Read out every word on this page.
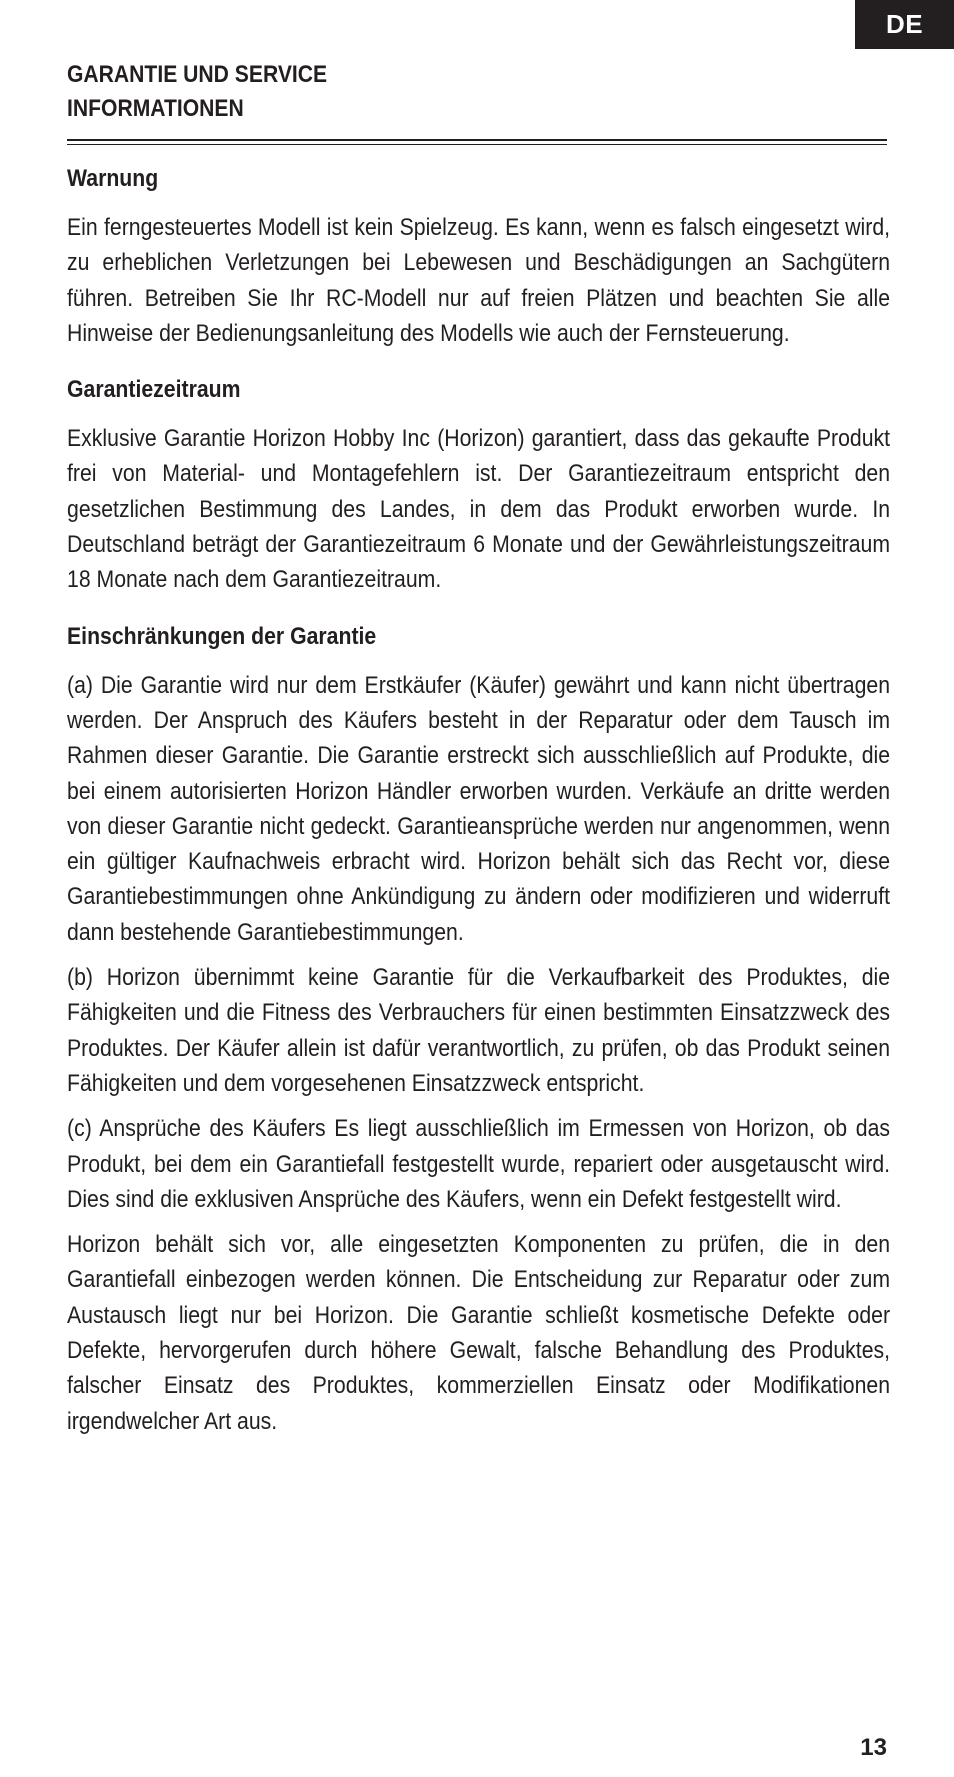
DE
GARANTIE UND SERVICE
INFORMATIONEN
Warnung

Ein ferngesteuertes Modell ist kein Spielzeug. Es kann, wenn es falsch eingesetzt wird, zu erheblichen Verletzungen bei Lebewesen und Beschädigungen an Sachgütern führen. Betreiben Sie Ihr RC-Modell nur auf freien Plätzen und beachten Sie alle Hinweise der Bedienungsanleitung des Modells wie auch der Fernsteuerung.

Garantiezeitraum

Exklusive Garantie Horizon Hobby Inc (Horizon) garantiert, dass das gekaufte Produkt frei von Material- und Montagefehlern ist. Der Garantiezeitraum entspricht den gesetzlichen Bestimmung des Landes, in dem das Produkt erworben wurde. In Deutschland beträgt der Garantiezeitraum 6 Monate und der Gewährleistungszeitraum 18 Monate nach dem Garantiezeitraum.

Einschränkungen der Garantie

(a) Die Garantie wird nur dem Erstkäufer (Käufer) gewährt und kann nicht übertragen werden. Der Anspruch des Käufers besteht in der Reparatur oder dem Tausch im Rahmen dieser Garantie. Die Garantie erstreckt sich ausschließlich auf Produkte, die bei einem autorisierten Horizon Händler erworben wurden. Verkäufe an dritte werden von dieser Garantie nicht gedeckt. Garantieansprüche werden nur angenommen, wenn ein gültiger Kaufnachweis erbracht wird. Horizon behält sich das Recht vor, diese Garantiebestimmungen ohne Ankündigung zu ändern oder modifizieren und widerruft dann bestehende Garantiebestimmungen.

(b) Horizon übernimmt keine Garantie für die Verkaufbarkeit des Produktes, die Fähigkeiten und die Fitness des Verbrauchers für einen bestimmten Einsatzzweck des Produktes. Der Käufer allein ist dafür verantwortlich, zu prüfen, ob das Produkt seinen Fähigkeiten und dem vorgesehenen Einsatzzweck entspricht.

(c) Ansprüche des Käufers Es liegt ausschließlich im Ermessen von Horizon, ob das Produkt, bei dem ein Garantiefall festgestellt wurde, repariert oder ausgetauscht wird. Dies sind die exklusiven Ansprüche des Käufers, wenn ein Defekt festgestellt wird.

Horizon behält sich vor, alle eingesetzten Komponenten zu prüfen, die in den Garantiefall einbezogen werden können. Die Entscheidung zur Reparatur oder zum Austausch liegt nur bei Horizon. Die Garantie schließt kosmetische Defekte oder Defekte, hervorgerufen durch höhere Gewalt, falsche Behandlung des Produktes, falscher Einsatz des Produktes, kommerziellen Einsatz oder Modifikationen irgendwelcher Art aus.

13
